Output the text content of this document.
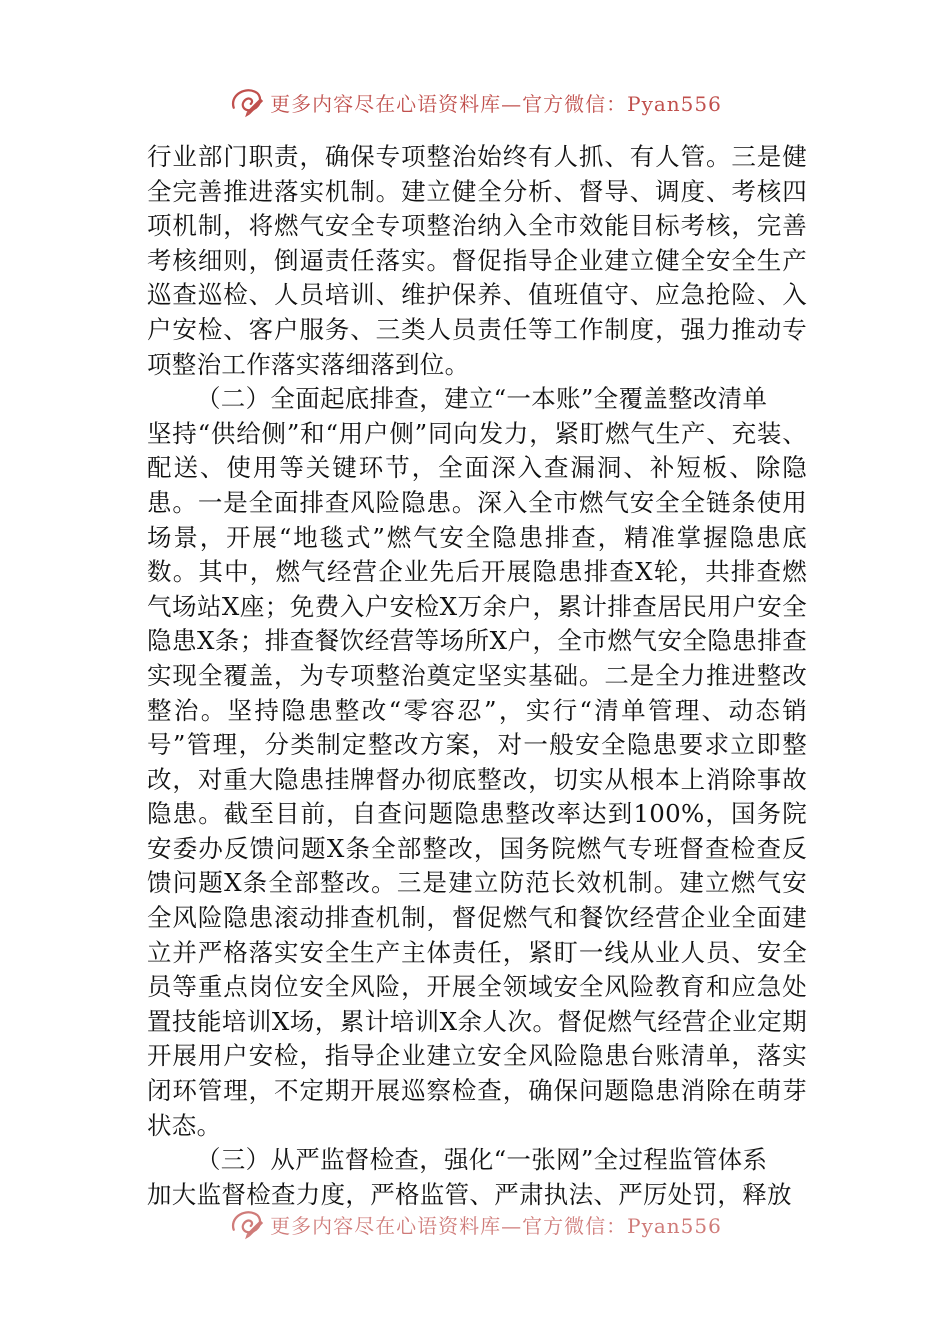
更多内容尽在心语资料库—官方微信：Pyan556

行业部门职责，确保专项整治始终有人抓、有人管。三是健全完善推进落实机制。建立健全分析、督导、调度、考核四项机制，将燃气安全专项整治纳入全市效能目标考核，完善考核细则，倒逼责任落实。督促指导企业建立健全安全生产巡查巡检、人员培训、维护保养、值班值守、应急抢险、入户安检、客户服务、三类人员责任等工作制度，强力推动专项整治工作落实落细落到位。

（二）全面起底排查，建立“一本账”全覆盖整改清单

坚持“供给侧”和“用户侧”同向发力，紧盯燃气生产、充装、配送、使用等关键环节，全面深入查漏洞、补短板、除隐患。一是全面排查风险隐患。深入全市燃气安全全链条使用场景，开展“地毯式”燃气安全隐患排查，精准掌握隐患底数。其中，燃气经营企业先后开展隐患排查X轮，共排查燃气场站X座；免费入户安检X万余户，累计排查居民用户安全隐患X条；排查餐饮经营等场所X户，全市燃气安全隐患排查实现全覆盖，为专项整治奠定坚实基础。二是全力推进整改整治。坚持隐患整改“零容忍”，实行“清单管理、动态销号”管理，分类制定整改方案，对一般安全隐患要求立即整改，对重大隐患挂牌督办彻底整改，切实从根本上消除事故隐患。截至目前，自查问题隐患整改率达到100%，国务院安委办反馈问题X条全部整改，国务院燃气专班督查检查反馈问题X条全部整改。三是建立防范长效机制。建立燃气安全风险隐患滚动排查机制，督促燃气和餐饮经营企业全面建立并严格落实安全生产主体责任，紧盯一线从业人员、安全员等重点岗位安全风险，开展全领域安全风险教育和应急处置技能培训X场，累计培训X余人次。督促燃气经营企业定期开展用户安检，指导企业建立安全风险隐患台账清单，落实闭环管理，不定期开展巡察检查，确保问题隐患消除在萌芽状态。

（三）从严监督检查，强化“一张网”全过程监管体系

加大监督检查力度，严格监管、严肃执法、严厉处罚，释放

更多内容尽在心语资料库—官方微信：Pyan556
